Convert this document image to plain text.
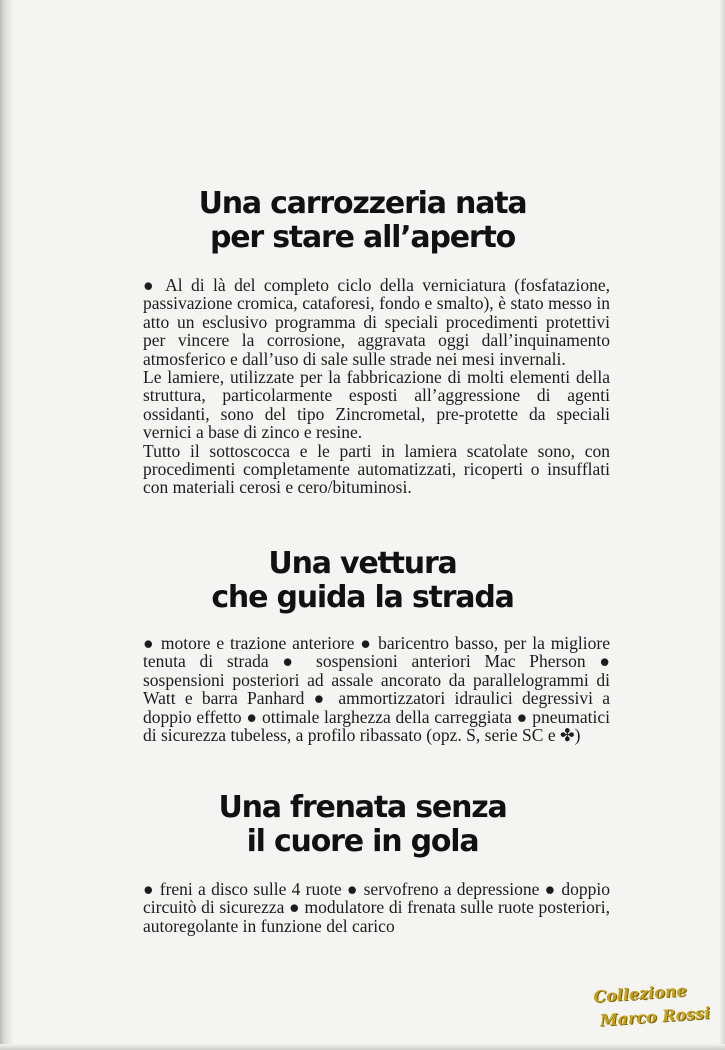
Una carrozzeria nata
per stare all’aperto

● Al di là del completo ciclo della verniciatura (fosfatazione, passivazione cromica, cataforesi, fondo e smalto), è stato messo in atto un esclusivo programma di speciali procedimenti protettivi per vincere la corrosione, aggravata oggi dall’inquinamento atmosferico e dall’uso di sale sulle strade nei mesi invernali.

Le lamiere, utilizzate per la fabbricazione di molti elementi della struttura, particolarmente esposti all’aggressione di agenti ossidanti, sono del tipo Zincrometal, pre-protette da speciali vernici a base di zinco e resine.

Tutto il sottoscocca e le parti in lamiera scatolate sono, con procedimenti completamente automatizzati, ricoperti o insufflati con materiali cerosi e cero/bituminosi.

Una vettura
che guida la strada

● motore e trazione anteriore ● baricentro basso, per la migliore tenuta di strada ● sospensioni anteriori Mac Pherson ● sospensioni posteriori ad assale ancorato da parallelogrammi di Watt e barra Panhard ● ammortizzatori idraulici degressivi a doppio effetto ● ottimale larghezza della carreggiata ● pneumatici di sicurezza tubeless, a profilo ribassato (opz. S, serie SC e ✤)

Una frenata senza
il cuore in gola

● freni a disco sulle 4 ruote ● servofreno a depressione ● doppio circuitò di sicurezza ● modulatore di frenata sulle ruote posteriori, autoregolante in funzione del carico

Collezione
Marco Rossi
